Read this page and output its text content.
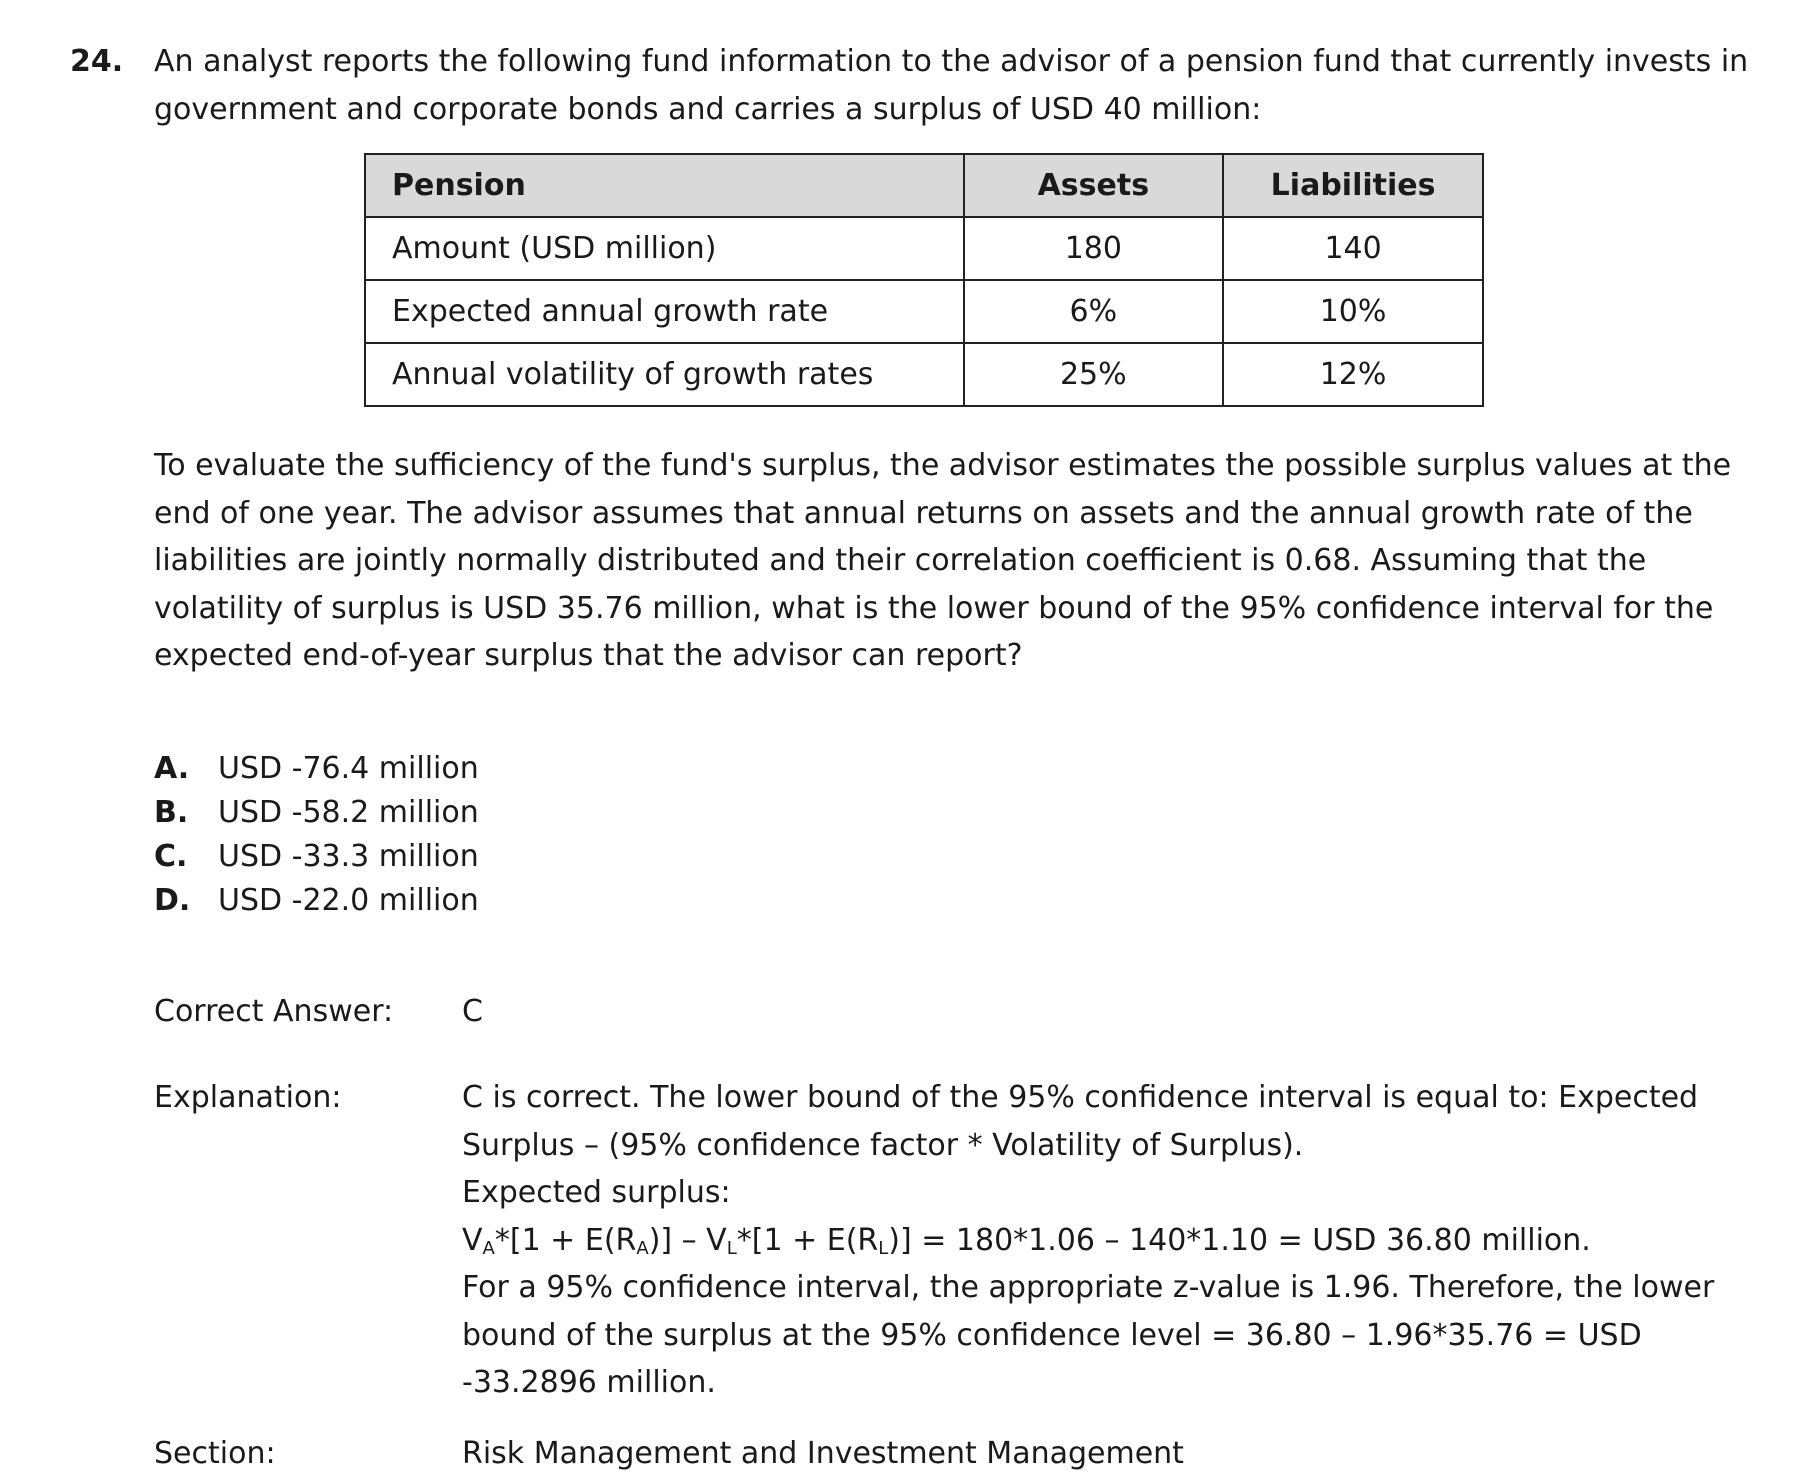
24. An analyst reports the following fund information to the advisor of a pension fund that currently invests in government and corporate bonds and carries a surplus of USD 40 million:
Pension	Assets	Liabilities
Amount (USD million)	180	140
Expected annual growth rate	6%	10%
Annual volatility of growth rates	25%	12%
To evaluate the sufficiency of the fund's surplus, the advisor estimates the possible surplus values at the end of one year. The advisor assumes that annual returns on assets and the annual growth rate of the liabilities are jointly normally distributed and their correlation coefficient is 0.68. Assuming that the volatility of surplus is USD 35.76 million, what is the lower bound of the 95% confidence interval for the expected end-of-year surplus that the advisor can report?
A. USD -76.4 million
B. USD -58.2 million
C. USD -33.3 million
D. USD -22.0 million
Correct Answer: C
Explanation:	C is correct. The lower bound of the 95% confidence interval is equal to: Expected Surplus – (95% confidence factor * Volatility of Surplus).

Expected surplus:

$V_A*[1 + E(R_A)] - V_L*[1 + E(R_L)] = 180*1.06 - 140*1.10$ = USD 36.80 million.

For a 95% confidence interval, the appropriate z-value is 1.96. Therefore, the lower bound of the surplus at the 95% confidence level = 36.80 – 1.96*35.76 = USD -33.2896 million.

Section:	Risk Management and Investment Management
